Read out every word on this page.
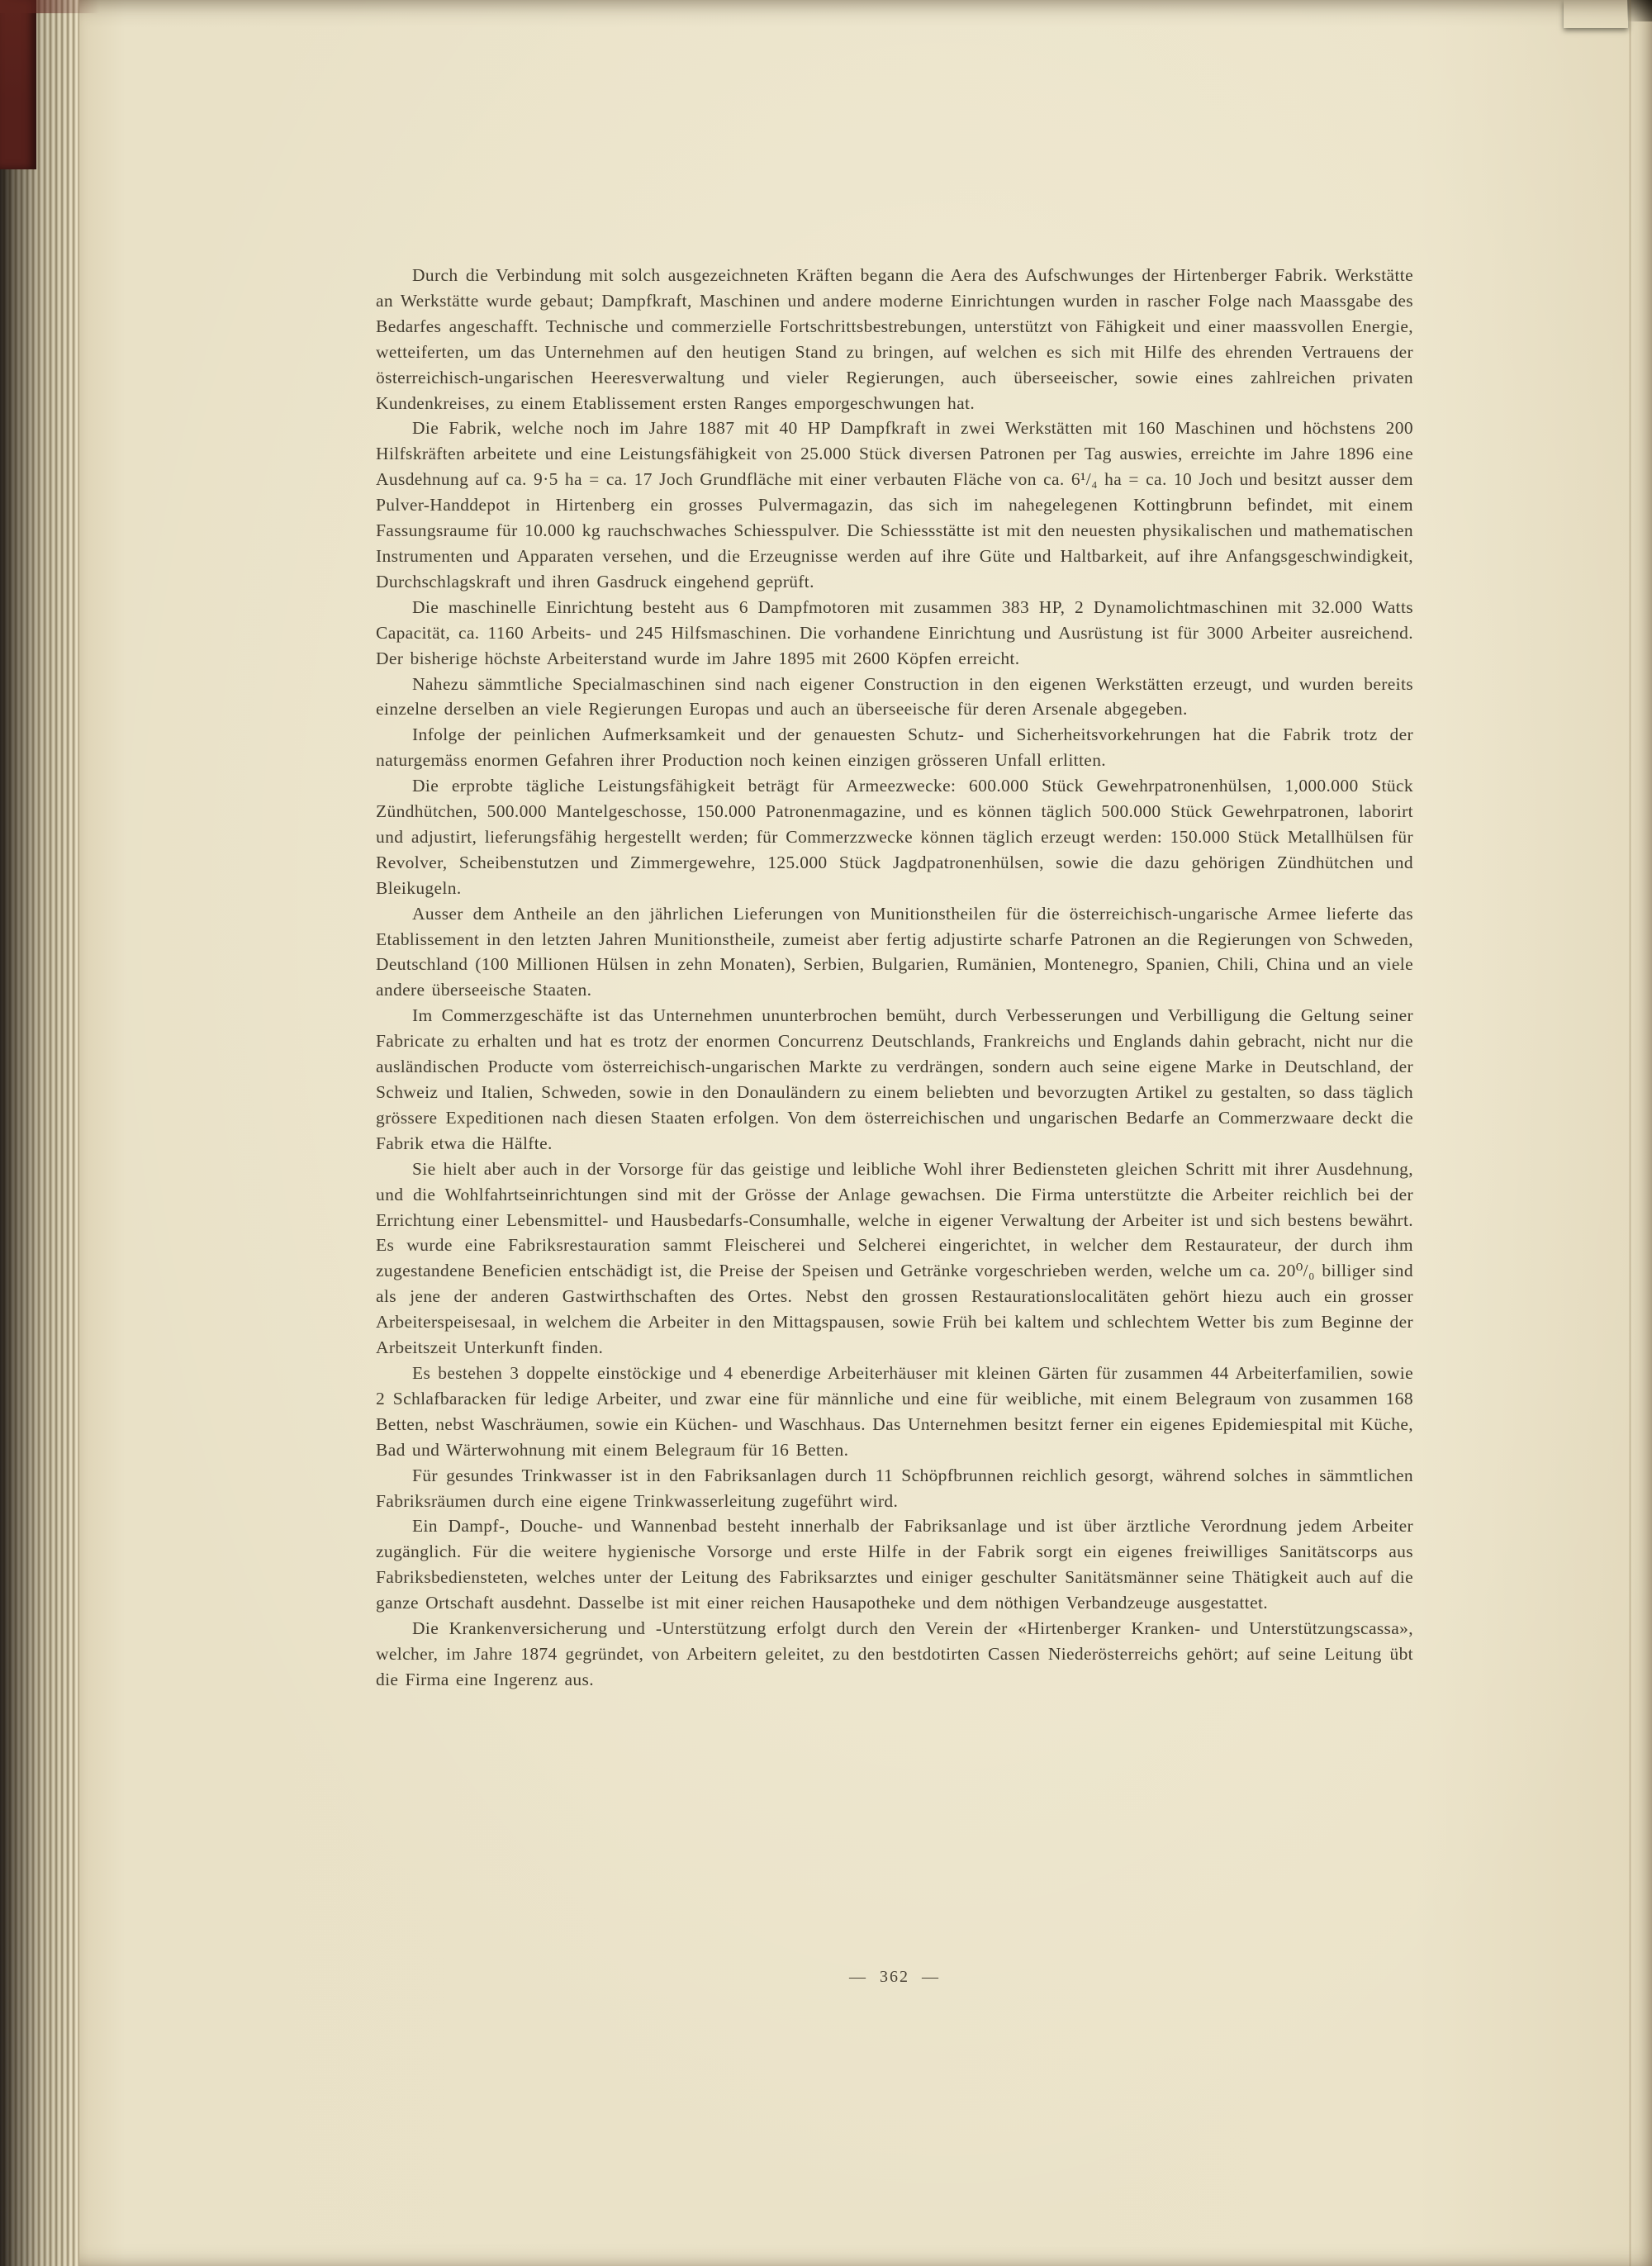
Durch die Verbindung mit solch ausgezeichneten Kräften begann die Aera des Aufschwunges der Hirtenberger Fabrik. Werkstätte an Werkstätte wurde gebaut; Dampfkraft, Maschinen und andere moderne Einrichtungen wurden in rascher Folge nach Maassgabe des Bedarfes angeschafft. Technische und commerzielle Fortschrittsbestrebungen, unterstützt von Fähigkeit und einer maassvollen Energie, wetteiferten, um das Unternehmen auf den heutigen Stand zu bringen, auf welchen es sich mit Hilfe des ehrenden Vertrauens der österreichisch-ungarischen Heeresverwaltung und vieler Regierungen, auch überseeischer, sowie eines zahlreichen privaten Kundenkreises, zu einem Etablissement ersten Ranges emporgeschwungen hat.

Die Fabrik, welche noch im Jahre 1887 mit 40 HP Dampfkraft in zwei Werkstätten mit 160 Maschinen und höchstens 200 Hilfskräften arbeitete und eine Leistungsfähigkeit von 25.000 Stück diversen Patronen per Tag auswies, erreichte im Jahre 1896 eine Ausdehnung auf ca. 9·5 ha = ca. 17 Joch Grundfläche mit einer verbauten Fläche von ca. 6¹/₄ ha = ca. 10 Joch und besitzt ausser dem Pulver-Handdepot in Hirtenberg ein grosses Pulvermagazin, das sich im nahegelegenen Kottingbrunn befindet, mit einem Fassungsraume für 10.000 kg rauchschwaches Schiesspulver. Die Schiessstätte ist mit den neuesten physikalischen und mathematischen Instrumenten und Apparaten versehen, und die Erzeugnisse werden auf ihre Güte und Haltbarkeit, auf ihre Anfangsgeschwindigkeit, Durchschlagskraft und ihren Gasdruck eingehend geprüft.

Die maschinelle Einrichtung besteht aus 6 Dampfmotoren mit zusammen 383 HP, 2 Dynamolichtmaschinen mit 32.000 Watts Capacität, ca. 1160 Arbeits- und 245 Hilfsmaschinen. Die vorhandene Einrichtung und Ausrüstung ist für 3000 Arbeiter ausreichend. Der bisherige höchste Arbeiterstand wurde im Jahre 1895 mit 2600 Köpfen erreicht.

Nahezu sämmtliche Specialmaschinen sind nach eigener Construction in den eigenen Werkstätten erzeugt, und wurden bereits einzelne derselben an viele Regierungen Europas und auch an überseeische für deren Arsenale abgegeben.

Infolge der peinlichen Aufmerksamkeit und der genauesten Schutz- und Sicherheitsvorkehrungen hat die Fabrik trotz der naturgemäss enormen Gefahren ihrer Production noch keinen einzigen grösseren Unfall erlitten.

Die erprobte tägliche Leistungsfähigkeit beträgt für Armeezwecke: 600.000 Stück Gewehrpatronenhülsen, 1,000.000 Stück Zündhütchen, 500.000 Mantelgeschosse, 150.000 Patronenmagazine, und es können täglich 500.000 Stück Gewehrpatronen, laborirt und adjustirt, lieferungsfähig hergestellt werden; für Commerzzwecke können täglich erzeugt werden: 150.000 Stück Metallhülsen für Revolver, Scheibenstutzen und Zimmergewehre, 125.000 Stück Jagdpatronenhülsen, sowie die dazu gehörigen Zündhütchen und Bleikugeln.

Ausser dem Antheile an den jährlichen Lieferungen von Munitionstheilen für die österreichisch-ungarische Armee lieferte das Etablissement in den letzten Jahren Munitionstheile, zumeist aber fertig adjustirte scharfe Patronen an die Regierungen von Schweden, Deutschland (100 Millionen Hülsen in zehn Monaten), Serbien, Bulgarien, Rumänien, Montenegro, Spanien, Chili, China und an viele andere überseeische Staaten.

Im Commerzgeschäfte ist das Unternehmen ununterbrochen bemüht, durch Verbesserungen und Verbilligung die Geltung seiner Fabricate zu erhalten und hat es trotz der enormen Concurrenz Deutschlands, Frankreichs und Englands dahin gebracht, nicht nur die ausländischen Producte vom österreichisch-ungarischen Markte zu verdrängen, sondern auch seine eigene Marke in Deutschland, der Schweiz und Italien, Schweden, sowie in den Donauländern zu einem beliebten und bevorzugten Artikel zu gestalten, so dass täglich grössere Expeditionen nach diesen Staaten erfolgen. Von dem österreichischen und ungarischen Bedarfe an Commerzwaare deckt die Fabrik etwa die Hälfte.

Sie hielt aber auch in der Vorsorge für das geistige und leibliche Wohl ihrer Bediensteten gleichen Schritt mit ihrer Ausdehnung, und die Wohlfahrtseinrichtungen sind mit der Grösse der Anlage gewachsen. Die Firma unterstützte die Arbeiter reichlich bei der Errichtung einer Lebensmittel- und Hausbedarfs-Consumhalle, welche in eigener Verwaltung der Arbeiter ist und sich bestens bewährt. Es wurde eine Fabriksrestauration sammt Fleischerei und Selcherei eingerichtet, in welcher dem Restaurateur, der durch ihm zugestandene Beneficien entschädigt ist, die Preise der Speisen und Getränke vorgeschrieben werden, welche um ca. 20⁰/₀ billiger sind als jene der anderen Gastwirthschaften des Ortes. Nebst den grossen Restaurationslocalitäten gehört hiezu auch ein grosser Arbeiterspeisesaal, in welchem die Arbeiter in den Mittagspausen, sowie Früh bei kaltem und schlechtem Wetter bis zum Beginne der Arbeitszeit Unterkunft finden.

Es bestehen 3 doppelte einstöckige und 4 ebenerdige Arbeiterhäuser mit kleinen Gärten für zusammen 44 Arbeiterfamilien, sowie 2 Schlafbaracken für ledige Arbeiter, und zwar eine für männliche und eine für weibliche, mit einem Belegraum von zusammen 168 Betten, nebst Waschräumen, sowie ein Küchen- und Waschhaus. Das Unternehmen besitzt ferner ein eigenes Epidemiespital mit Küche, Bad und Wärterwohnung mit einem Belegraum für 16 Betten.

Für gesundes Trinkwasser ist in den Fabriksanlagen durch 11 Schöpfbrunnen reichlich gesorgt, während solches in sämmtlichen Fabriksräumen durch eine eigene Trinkwasserleitung zugeführt wird.

Ein Dampf-, Douche- und Wannenbad besteht innerhalb der Fabriksanlage und ist über ärztliche Verordnung jedem Arbeiter zugänglich. Für die weitere hygienische Vorsorge und erste Hilfe in der Fabrik sorgt ein eigenes freiwilliges Sanitätscorps aus Fabriksbediensteten, welches unter der Leitung des Fabriksarztes und einiger geschulter Sanitätsmänner seine Thätigkeit auch auf die ganze Ortschaft ausdehnt. Dasselbe ist mit einer reichen Hausapotheke und dem nöthigen Verbandzeuge ausgestattet.

Die Krankenversicherung und -Unterstützung erfolgt durch den Verein der «Hirtenberger Kranken- und Unterstützungscassa», welcher, im Jahre 1874 gegründet, von Arbeitern geleitet, zu den bestdotirten Cassen Niederösterreichs gehört; auf seine Leitung übt die Firma eine Ingerenz aus.

— 362 —
